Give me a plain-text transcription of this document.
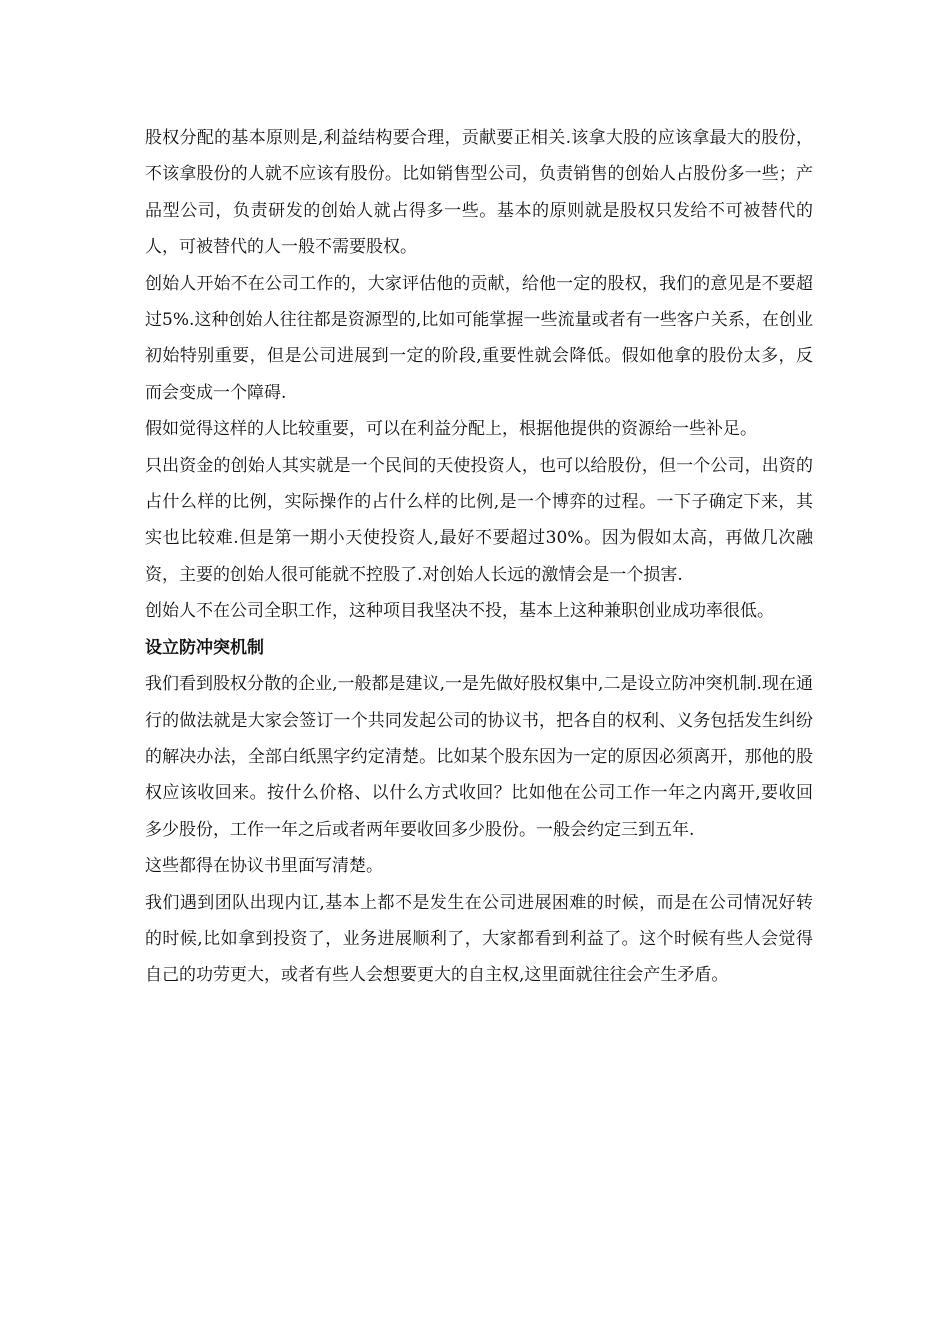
股权分配的基本原则是,利益结构要合理，贡献要正相关.该拿大股的应该拿最大的股份，不该拿股份的人就不应该有股份。比如销售型公司，负责销售的创始人占股份多一些；产品型公司，负责研发的创始人就占得多一些。基本的原则就是股权只发给不可被替代的人，可被替代的人一般不需要股权。

创始人开始不在公司工作的，大家评估他的贡献，给他一定的股权，我们的意见是不要超过5%.这种创始人往往都是资源型的,比如可能掌握一些流量或者有一些客户关系，在创业初始特别重要，但是公司进展到一定的阶段,重要性就会降低。假如他拿的股份太多，反而会变成一个障碍.

假如觉得这样的人比较重要，可以在利益分配上，根据他提供的资源给一些补足。

只出资金的创始人其实就是一个民间的天使投资人，也可以给股份，但一个公司，出资的占什么样的比例，实际操作的占什么样的比例,是一个博弈的过程。一下子确定下来，其实也比较难.但是第一期小天使投资人,最好不要超过30%。因为假如太高，再做几次融资，主要的创始人很可能就不控股了.对创始人长远的激情会是一个损害.

创始人不在公司全职工作，这种项目我坚决不投，基本上这种兼职创业成功率很低。

设立防冲突机制

我们看到股权分散的企业,一般都是建议,一是先做好股权集中,二是设立防冲突机制.现在通行的做法就是大家会签订一个共同发起公司的协议书，把各自的权利、义务包括发生纠纷的解决办法，全部白纸黑字约定清楚。比如某个股东因为一定的原因必须离开，那他的股权应该收回来。按什么价格、以什么方式收回？比如他在公司工作一年之内离开,要收回多少股份，工作一年之后或者两年要收回多少股份。一般会约定三到五年.

这些都得在协议书里面写清楚。

我们遇到团队出现内讧,基本上都不是发生在公司进展困难的时候，而是在公司情况好转的时候,比如拿到投资了，业务进展顺利了，大家都看到利益了。这个时候有些人会觉得自己的功劳更大，或者有些人会想要更大的自主权,这里面就往往会产生矛盾。
